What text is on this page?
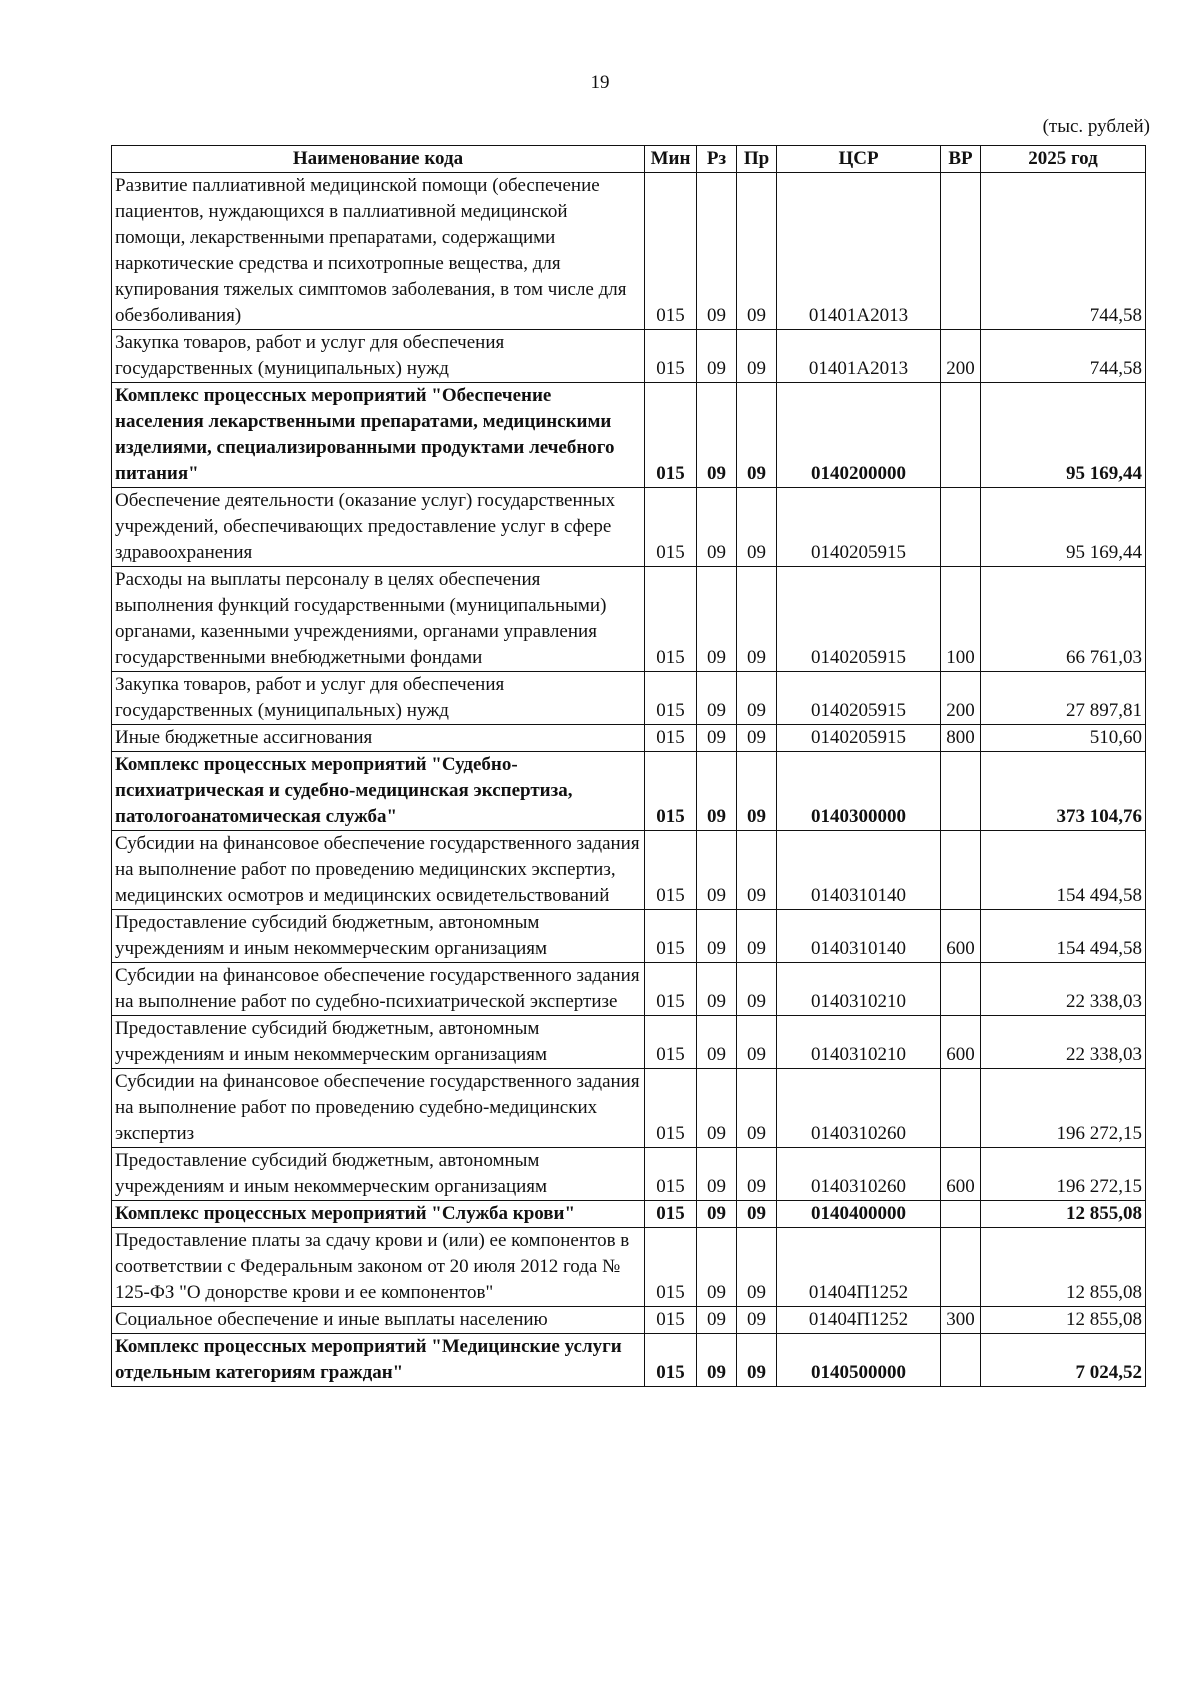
19
(тыс. рублей)
Наименование кода	Мин	Рз	Пр	ЦСР	ВР	2025 год
Развитие паллиативной медицинской помощи (обеспечение пациентов, нуждающихся в паллиативной медицинской помощи, лекарственными препаратами, содержащими наркотические средства и психотропные вещества, для купирования тяжелых симптомов заболевания, в том числе для обезболивания)	015	09	09	01401A2013		744,58
Закупка товаров, работ и услуг для обеспечения государственных (муниципальных) нужд	015	09	09	01401A2013	200	744,58
Комплекс процессных мероприятий "Обеспечение населения лекарственными препаратами, медицинскими изделиями, специализированными продуктами лечебного питания"	015	09	09	0140200000		95 169,44
Обеспечение деятельности (оказание услуг) государственных учреждений, обеспечивающих предоставление услуг в сфере здравоохранения	015	09	09	0140205915		95 169,44
Расходы на выплаты персоналу в целях обеспечения выполнения функций государственными (муниципальными) органами, казенными учреждениями, органами управления государственными внебюджетными фондами	015	09	09	0140205915	100	66 761,03
Закупка товаров, работ и услуг для обеспечения государственных (муниципальных) нужд	015	09	09	0140205915	200	27 897,81
Иные бюджетные ассигнования	015	09	09	0140205915	800	510,60
Комплекс процессных мероприятий "Судебно-психиатрическая и судебно-медицинская экспертиза, патологоанатомическая служба"	015	09	09	0140300000		373 104,76
Субсидии на финансовое обеспечение государственного задания на выполнение работ по проведению медицинских экспертиз, медицинских осмотров и медицинских освидетельствований	015	09	09	0140310140		154 494,58
Предоставление субсидий бюджетным, автономным учреждениям и иным некоммерческим организациям	015	09	09	0140310140	600	154 494,58
Субсидии на финансовое обеспечение государственного задания на выполнение работ по судебно-психиатрической экспертизе	015	09	09	0140310210		22 338,03
Предоставление субсидий бюджетным, автономным учреждениям и иным некоммерческим организациям	015	09	09	0140310210	600	22 338,03
Субсидии на финансовое обеспечение государственного задания на выполнение работ по проведению судебно-медицинских экспертиз	015	09	09	0140310260		196 272,15
Предоставление субсидий бюджетным, автономным учреждениям и иным некоммерческим организациям	015	09	09	0140310260	600	196 272,15
Комплекс процессных мероприятий "Служба крови"	015	09	09	0140400000		12 855,08
Предоставление платы за сдачу крови и (или) ее компонентов в соответствии с Федеральным законом от 20 июля 2012 года № 125-ФЗ "О донорстве крови и ее компонентов"	015	09	09	01404П1252		12 855,08
Социальное обеспечение и иные выплаты населению	015	09	09	01404П1252	300	12 855,08
Комплекс процессных мероприятий "Медицинские услуги отдельным категориям граждан"	015	09	09	0140500000		7 024,52
